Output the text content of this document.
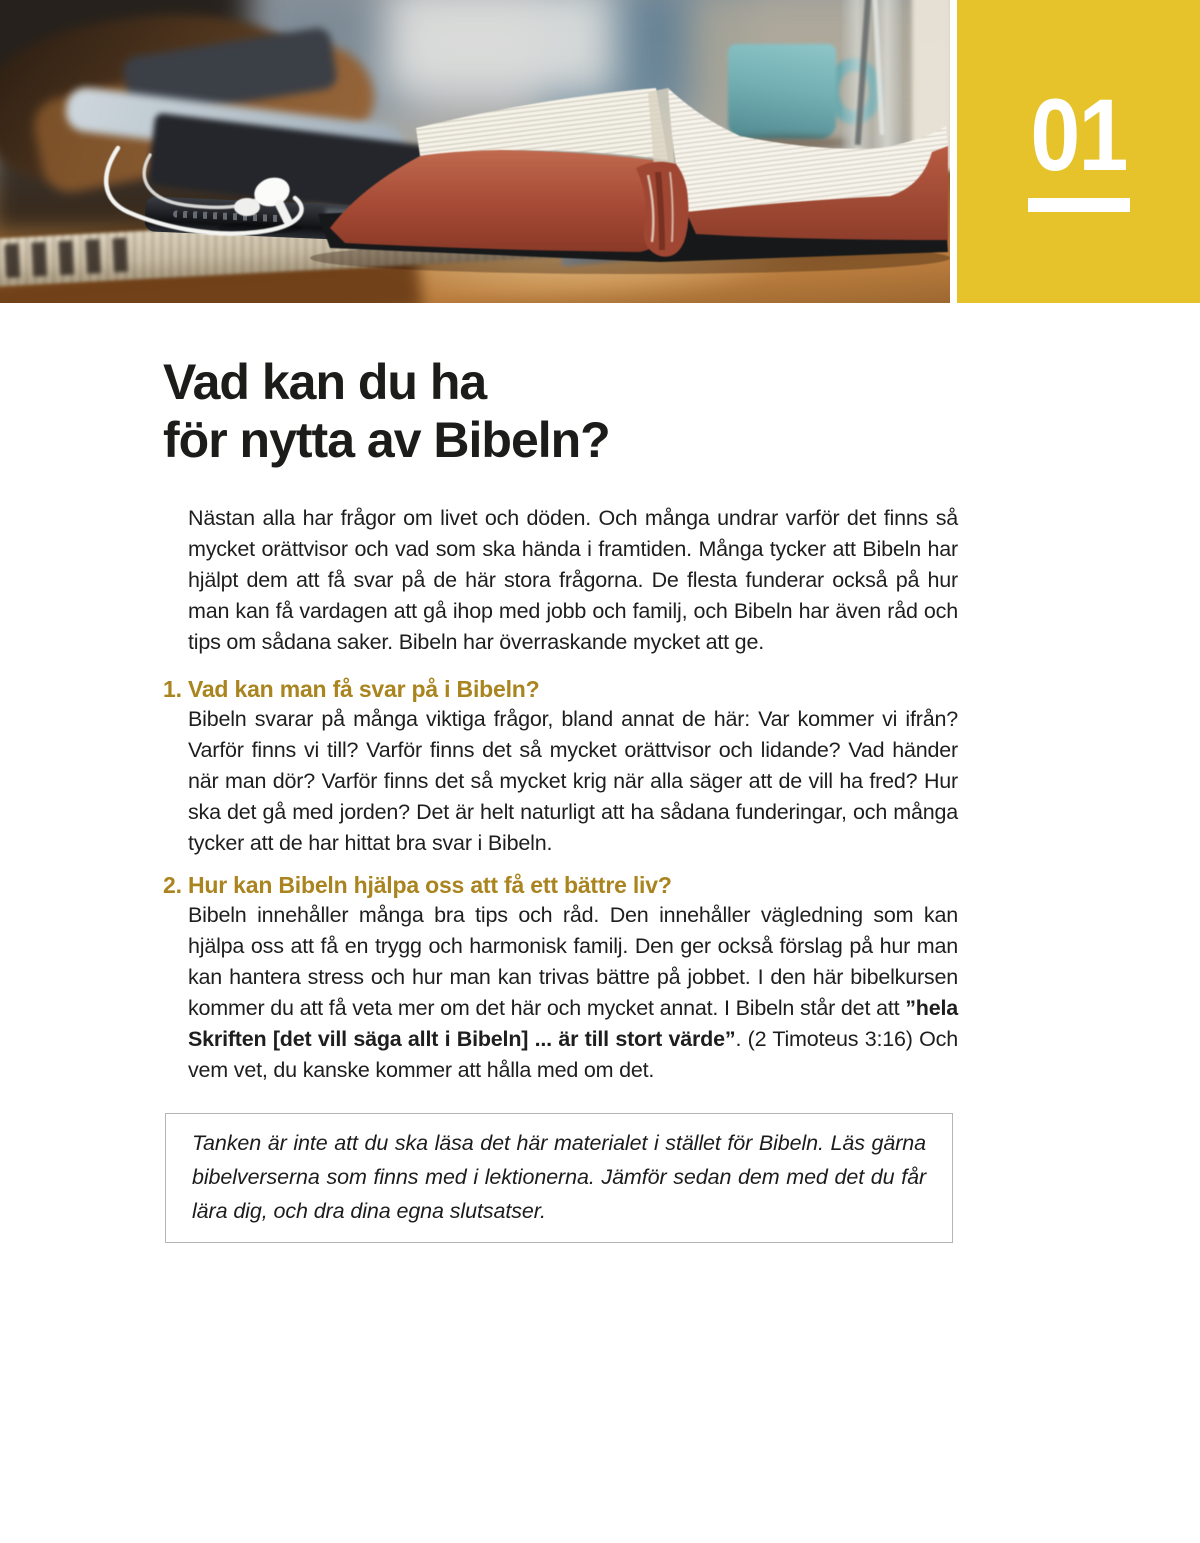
01
Vad kan du ha
för nytta av Bibeln?

Nästan alla har frågor om livet och döden. Och många undrar varför det finns så mycket orättvisor och vad som ska hända i framtiden. Många tycker att Bibeln har hjälpt dem att få svar på de här stora frågorna. De flesta funderar också på hur man kan få vardagen att gå ihop med jobb och familj, och Bibeln har även råd och tips om sådana saker. Bibeln har överraskande mycket att ge.

1. Vad kan man få svar på i Bibeln?

Bibeln svarar på många viktiga frågor, bland annat de här: Var kommer vi ifrån? Varför finns vi till? Varför finns det så mycket orättvisor och lidande? Vad händer när man dör? Varför finns det så mycket krig när alla säger att de vill ha fred? Hur ska det gå med jorden? Det är helt naturligt att ha sådana funderingar, och många tycker att de har hittat bra svar i Bibeln.

2. Hur kan Bibeln hjälpa oss att få ett bättre liv?

Bibeln innehåller många bra tips och råd. Den innehåller vägledning som kan hjälpa oss att få en trygg och harmonisk familj. Den ger också förslag på hur man kan hantera stress och hur man kan trivas bättre på jobbet. I den här bibelkursen kommer du att få veta mer om det här och mycket annat. I Bibeln står det att ”hela Skriften [det vill säga allt i Bibeln] ... är till stort värde”. (2 Timoteus 3:16) Och vem vet, du kanske kommer att hålla med om det.

Tanken är inte att du ska läsa det här materialet i stället för Bibeln. Läs gärna bibelverserna som finns med i lektionerna. Jämför sedan dem med det du får lära dig, och dra dina egna slutsatser.
